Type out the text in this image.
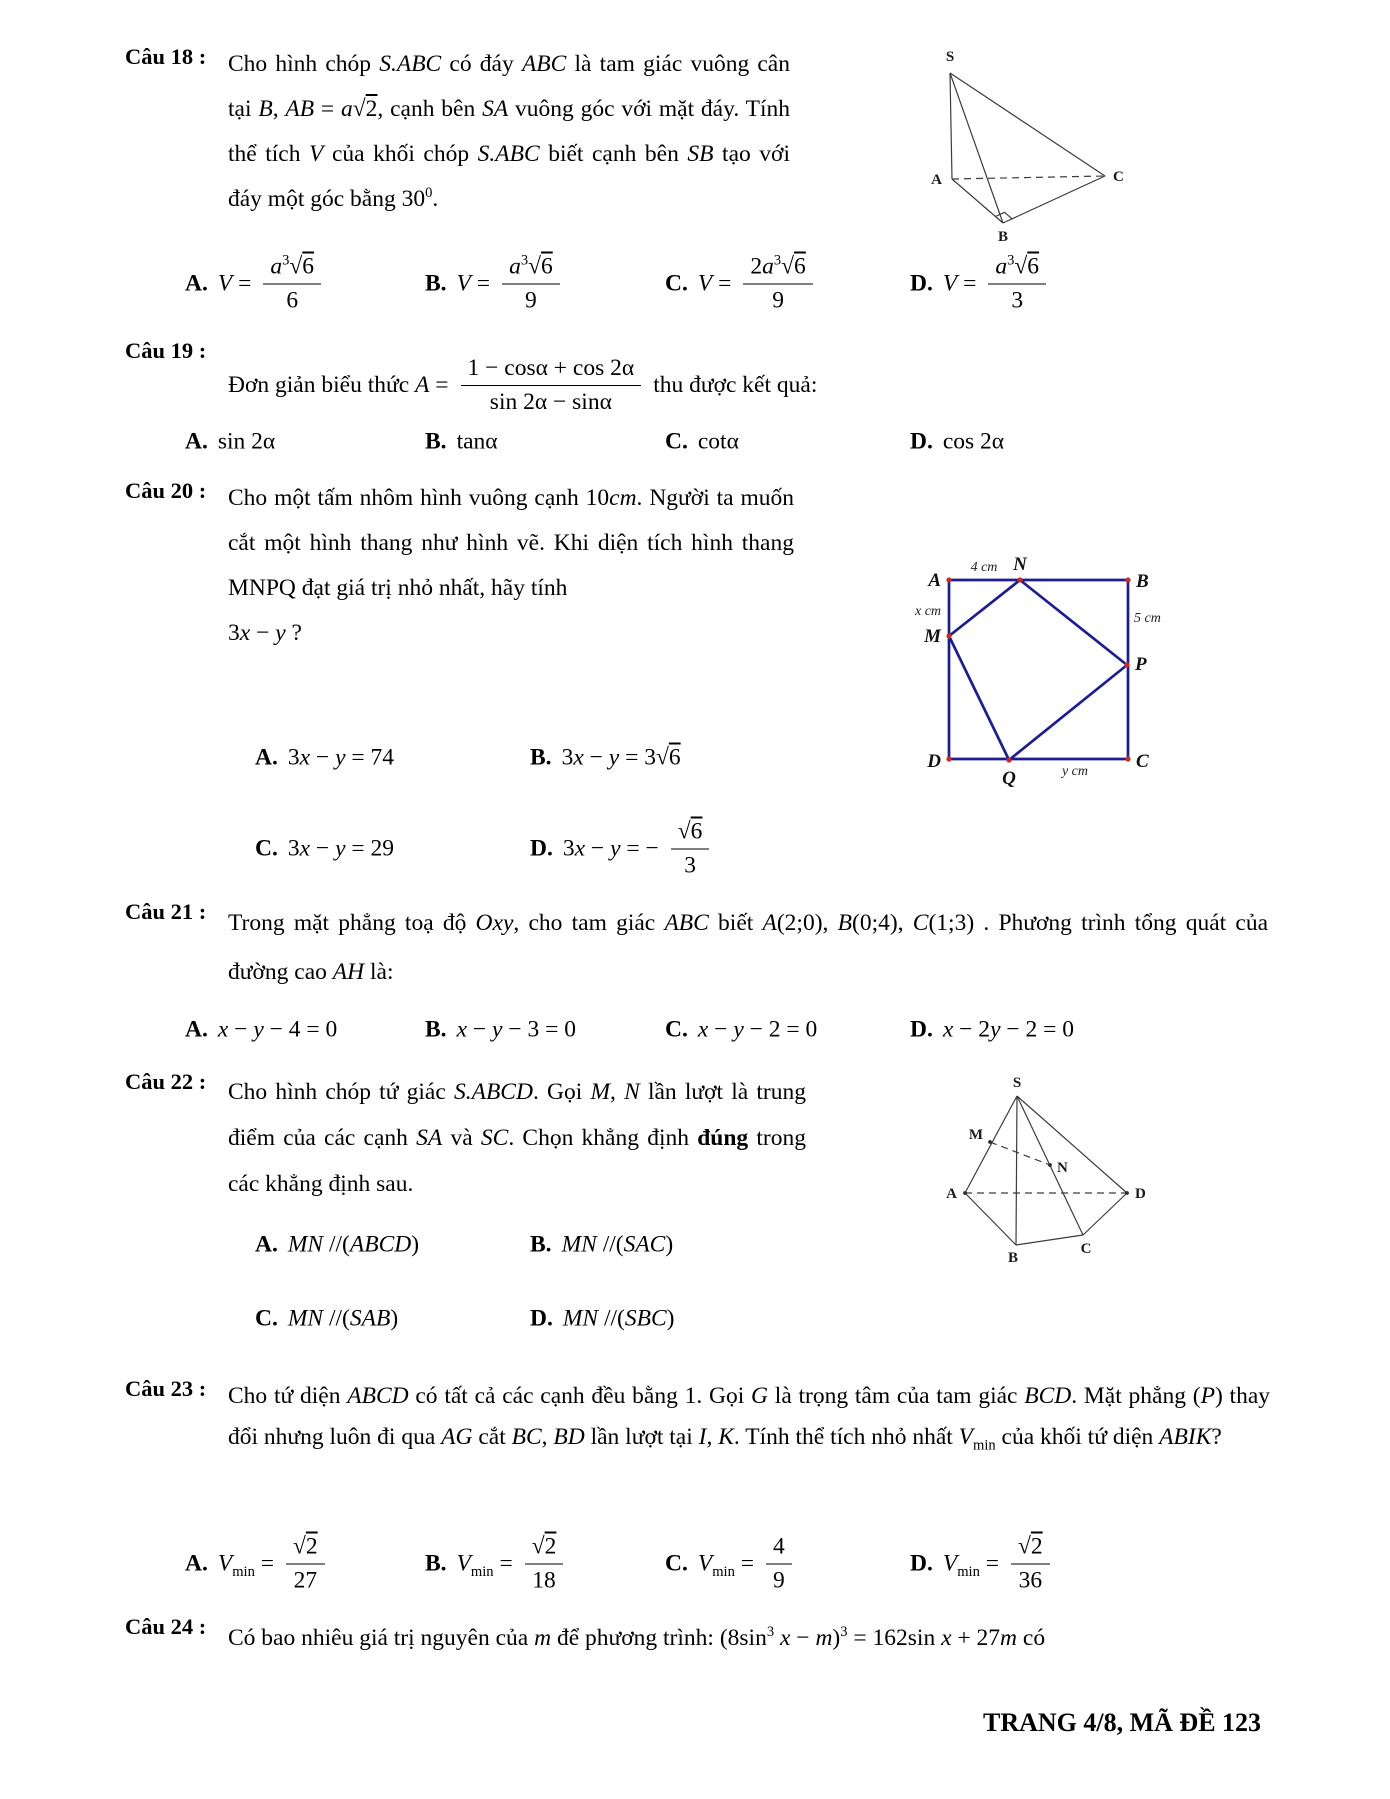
Câu 18 : Cho hình chóp S.ABC có đáy ABC là tam giác vuông cân tại B, AB = a√2, cạnh bên SA vuông góc với mặt đáy. Tính thể tích V của khối chóp S.ABC biết cạnh bên SB tạo với đáy một góc bằng $30^0$.
S
A	C
B
A. $V = \frac{a^3√6}{6}$	B. $V = \frac{a^3√6}{9}$	C. $V = \frac{2a^3√6}{9}$	D. $V = \frac{a^3√6}{3}$
Câu 19 :
Đơn giản biểu thức $A = \frac{1 - \cos\alpha + \cos 2\alpha}{\sin 2\alpha - \sin\alpha}$ thu được kết quả:
A. sin 2α	B. tanα	C. cotα	D. cos 2α
Câu 20 : Cho một tấm nhôm hình vuông cạnh 10cm. Người ta muốn cắt một hình thang như hình vẽ. Khi diện tích hình thang MNPQ đạt giá trị nhỏ nhất, hãy tính
3x − y ?
A	B
N
M
P
D
Q
C
4 cm
x cm	5 cm
y cm
A. 3x − y = 74	B. 3x − y = 3√6
C. 3x − y = 29	D. 3x − y = − $\frac{√6}{3}$
Câu 21 : Trong mặt phẳng toạ độ Oxy, cho tam giác ABC biết A(2;0), B(0;4), C(1;3) . Phương trình tổng quát của đường cao AH là:
A. x − y − 4 = 0	B. x − y − 3 = 0	C. x − y − 2 = 0	D. x − 2y − 2 = 0
Câu 22 : Cho hình chóp tứ giác S.ABCD. Gọi M, N lần lượt là trung điểm của các cạnh SA và SC. Chọn khẳng định đúng trong các khẳng định sau.
S
M
N
A	D
B
C
A. MN //(ABCD)	B. MN //(SAC)
C. MN //(SAB)	D. MN //(SBC)
Câu 23 : Cho tứ diện ABCD có tất cả các cạnh đều bằng 1. Gọi G là trọng tâm của tam giác BCD. Mặt phẳng (P) thay đổi nhưng luôn đi qua AG cắt BC, BD lần lượt tại I, K. Tính thể tích nhỏ nhất $V_{min}$ của khối tứ diện ABIK?
A. $V_{min} = \frac{√2}{27}$	B. $V_{min} = \frac{√2}{18}$	C. $V_{min} = \frac{4}{9}$	D. $V_{min} = \frac{√2}{36}$
Câu 24 : Có bao nhiêu giá trị nguyên của m để phương trình: ($8\sin^3$ x − m)$^3$ = 162sin x + 27m có
TRANG 4/8, MÃ ĐỀ 123
